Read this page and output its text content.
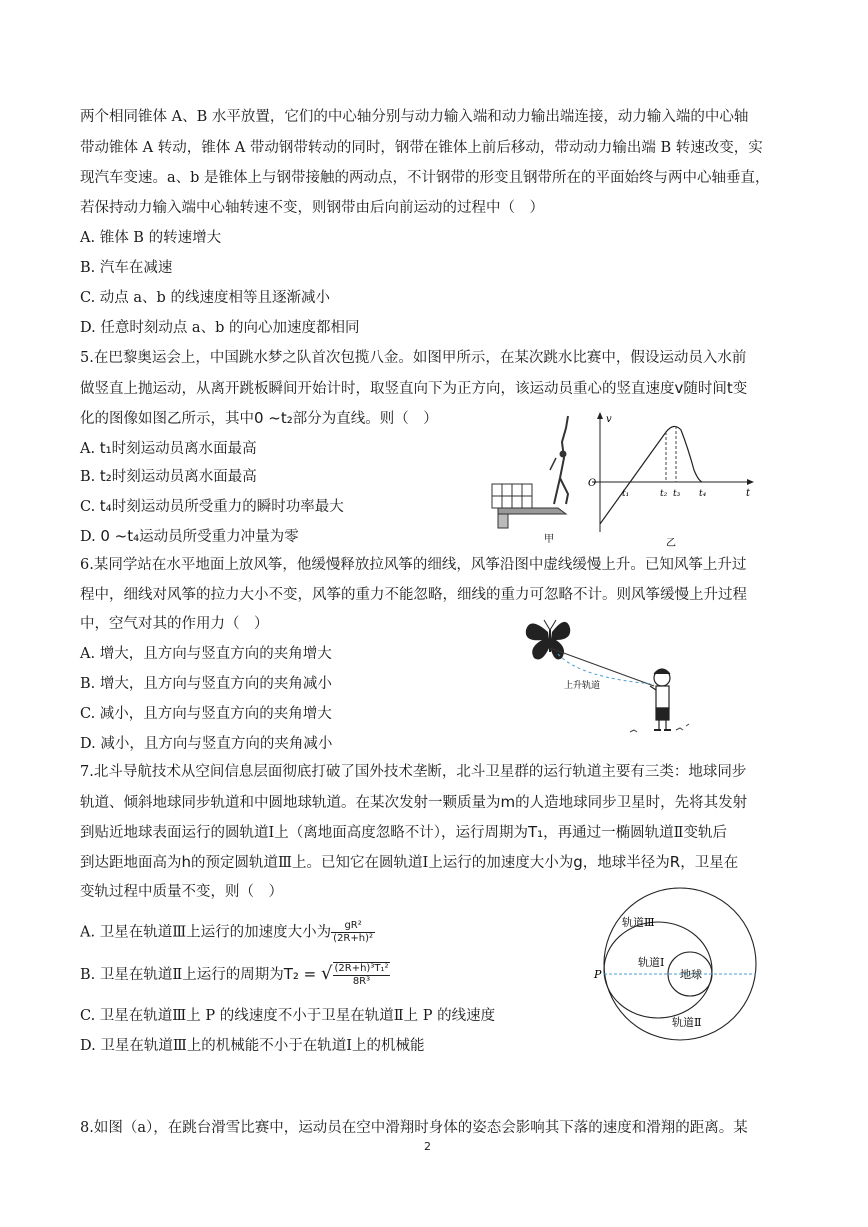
两个相同锥体 A、B 水平放置，它们的中心轴分别与动力输入端和动力输出端连接，动力输入端的中心轴
带动锥体 A 转动，锥体 A 带动钢带转动的同时，钢带在锥体上前后移动，带动动力输出端 B 转速改变，实
现汽车变速。a、b 是锥体上与钢带接触的两动点，不计钢带的形变且钢带所在的平面始终与两中心轴垂直，
若保持动力输入端中心轴转速不变，则钢带由后向前运动的过程中（　）
A. 锥体 B 的转速增大
B. 汽车在减速
C. 动点 a、b 的线速度相等且逐渐减小
D. 任意时刻动点 a、b 的向心加速度都相同
5.在巴黎奥运会上，中国跳水梦之队首次包揽八金。如图甲所示，在某次跳水比赛中，假设运动员入水前
做竖直上抛运动，从离开跳板瞬间开始计时，取竖直向下为正方向，该运动员重心的竖直速度v随时间t变
化的图像如图乙所示，其中0 ~t₂部分为直线。则（　）
A. t₁时刻运动员离水面最高
B. t₂时刻运动员离水面最高
C. t₄时刻运动员所受重力的瞬时功率最大
D. 0 ~t₄运动员所受重力冲量为零	甲
v
t
O
t₁	t₂ t₃ t₄
乙
6.某同学站在水平地面上放风筝，他缓慢释放拉风筝的细线，风筝沿图中虚线缓慢上升。已知风筝上升过
程中，细线对风筝的拉力大小不变，风筝的重力不能忽略，细线的重力可忽略不计。则风筝缓慢上升过程
中，空气对其的作用力（　）
A. 增大，且方向与竖直方向的夹角增大
B. 增大，且方向与竖直方向的夹角减小
C. 减小，且方向与竖直方向的夹角增大
D. 减小，且方向与竖直方向的夹角减小
上升轨道
7.北斗导航技术从空间信息层面彻底打破了国外技术垄断，北斗卫星群的运行轨道主要有三类：地球同步
轨道、倾斜地球同步轨道和中圆地球轨道。在某次发射一颗质量为m的人造地球同步卫星时，先将其发射
到贴近地球表面运行的圆轨道Ⅰ上（离地面高度忽略不计），运行周期为T₁，再通过一椭圆轨道Ⅱ变轨后
到达距地面高为h的预定圆轨道Ⅲ上。已知它在圆轨道Ⅰ上运行的加速度大小为g，地球半径为R，卫星在
变轨过程中质量不变，则（　）
A. 卫星在轨道Ⅲ上运行的加速度大小为 $\frac{\text{gR²}}{\text{(2R+h)²}}$
B. 卫星在轨道Ⅱ上运行的周期为T₂ = √ $\frac{\text{(2R+h)³T₁²}}{\text{8R³}}$
C. 卫星在轨道Ⅲ上 P 的线速度不小于卫星在轨道Ⅱ上 P 的线速度
D. 卫星在轨道Ⅲ上的机械能不小于在轨道Ⅰ上的机械能
轨道Ⅲ
轨道Ⅰ
地球
轨道Ⅱ
P
8.如图（a），在跳台滑雪比赛中，运动员在空中滑翔时身体的姿态会影响其下落的速度和滑翔的距离。某
2
